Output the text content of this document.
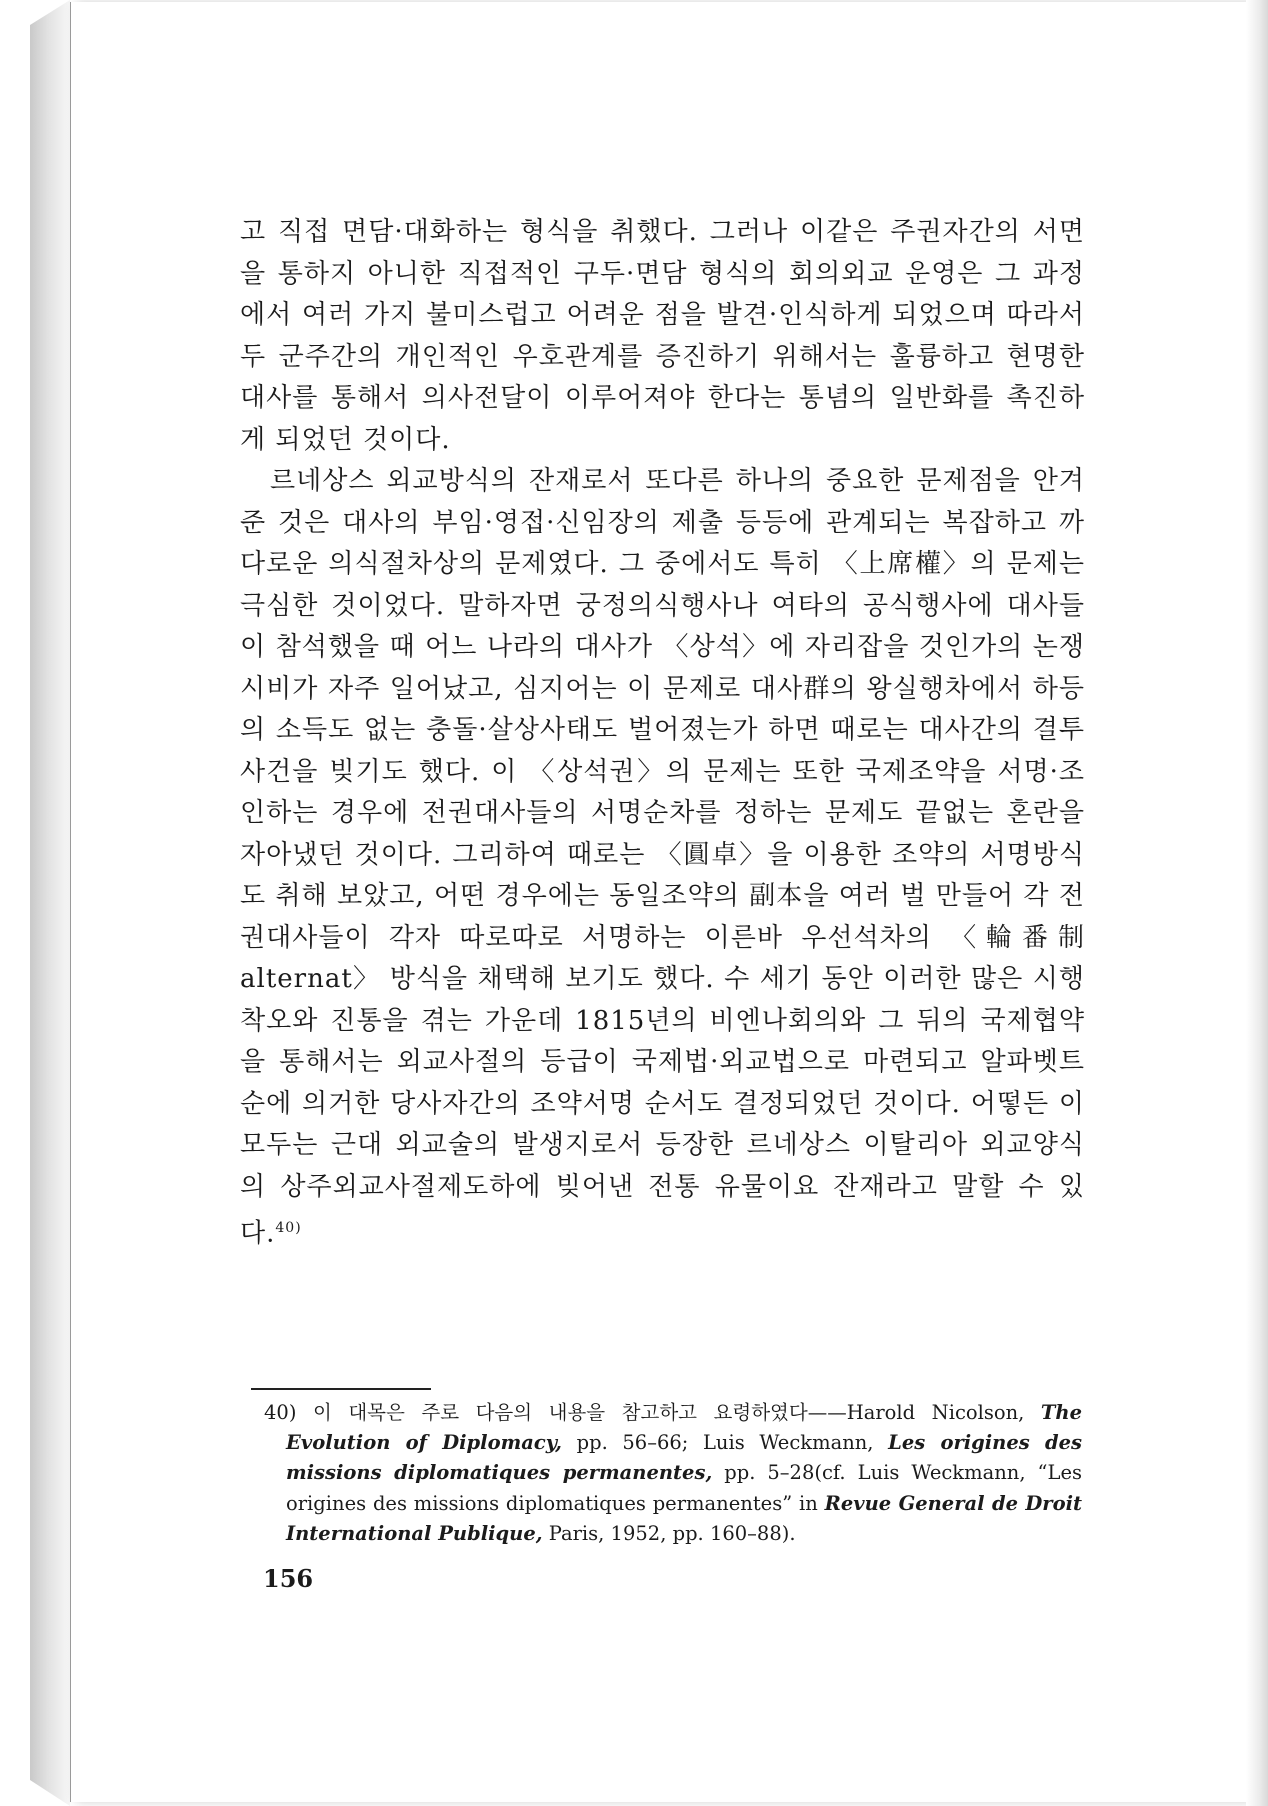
고 직접 면담·대화하는 형식을 취했다. 그러나 이같은 주권자간의 서면을 통하지 아니한 직접적인 구두·면담 형식의 회의외교 운영은 그 과정에서 여러 가지 불미스럽고 어려운 점을 발견·인식하게 되었으며 따라서 두 군주간의 개인적인 우호관계를 증진하기 위해서는 훌륭하고 현명한 대사를 통해서 의사전달이 이루어져야 한다는 통념의 일반화를 촉진하게 되었던 것이다.

르네상스 외교방식의 잔재로서 또다른 하나의 중요한 문제점을 안겨 준 것은 대사의 부임·영접·신임장의 제출 등등에 관계되는 복잡하고 까다로운 의식절차상의 문제였다. 그 중에서도 특히 〈上席權〉의 문제는 극심한 것이었다. 말하자면 궁정의식행사나 여타의 공식행사에 대사들이 참석했을 때 어느 나라의 대사가 〈상석〉에 자리잡을 것인가의 논쟁시비가 자주 일어났고, 심지어는 이 문제로 대사群의 왕실행차에서 하등의 소득도 없는 충돌·살상사태도 벌어졌는가 하면 때로는 대사간의 결투사건을 빚기도 했다. 이 〈상석권〉의 문제는 또한 국제조약을 서명·조인하는 경우에 전권대사들의 서명순차를 정하는 문제도 끝없는 혼란을 자아냈던 것이다. 그리하여 때로는 〈圓卓〉을 이용한 조약의 서명방식도 취해 보았고, 어떤 경우에는 동일조약의 副本을 여러 벌 만들어 각 전권대사들이 각자 따로따로 서명하는 이른바 우선석차의 〈輪番制 alternat〉 방식을 채택해 보기도 했다. 수 세기 동안 이러한 많은 시행착오와 진통을 겪는 가운데 1815년의 비엔나회의와 그 뒤의 국제협약을 통해서는 외교사절의 등급이 국제법·외교법으로 마련되고 알파벳트 순에 의거한 당사자간의 조약서명 순서도 결정되었던 것이다. 어떻든 이 모두는 근대 외교술의 발생지로서 등장한 르네상스 이탈리아 외교양식의 상주외교사절제도하에 빚어낸 전통 유물이요 잔재라고 말할 수 있다.$^{40)}$

40) 이 대목은 주로 다음의 내용을 참고하고 요령하였다——Harold Nicolson, The Evolution of Diplomacy, pp. 56–66; Luis Weckmann, Les origines des missions diplomatiques permanentes, pp. 5–28(cf. Luis Weckmann, “Les origines des missions diplomatiques permanentes” in Revue General de Droit International Publique, Paris, 1952, pp. 160–88).

156
